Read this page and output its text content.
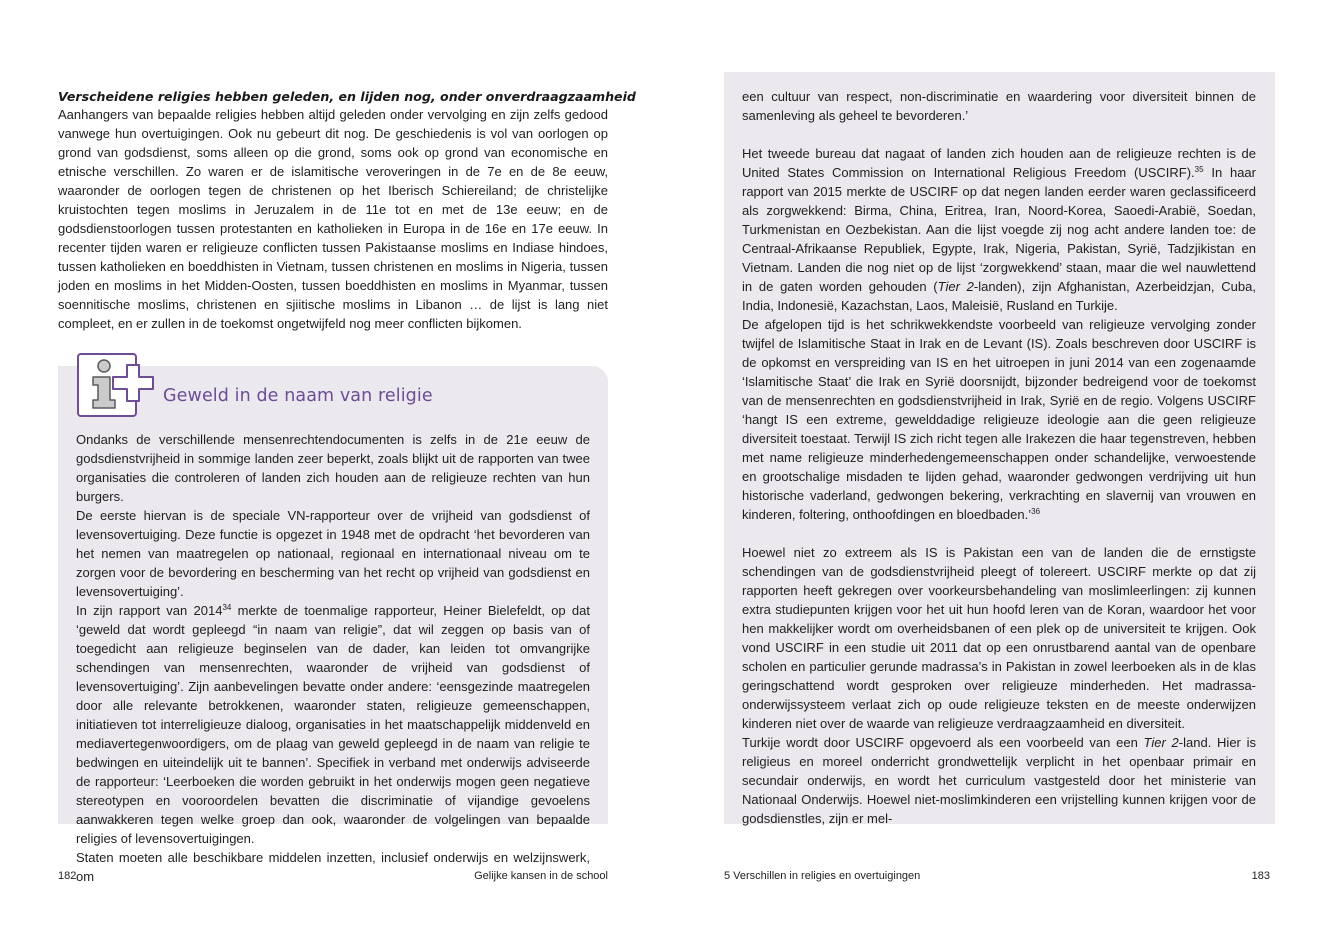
Verscheidene religies hebben geleden, en lijden nog, onder onverdraagzaamheid

Aanhangers van bepaalde religies hebben altijd geleden onder vervolging en zijn zelfs gedood vanwege hun overtuigingen. Ook nu gebeurt dit nog. De geschiedenis is vol van oorlogen op grond van godsdienst, soms alleen op die grond, soms ook op grond van economische en etnische verschillen. Zo waren er de islamitische veroveringen in de 7e en de 8e eeuw, waaronder de oorlogen tegen de christenen op het Iberisch Schiereiland; de christelijke kruistochten tegen moslims in Jeruzalem in de 11e tot en met de 13e eeuw; en de godsdienstoorlogen tussen protestanten en katholieken in Europa in de 16e en 17e eeuw. In recenter tijden waren er religieuze conflicten tussen Pakistaanse moslims en Indiase hindoes, tussen katholieken en boeddhisten in Vietnam, tussen christenen en moslims in Nigeria, tussen joden en moslims in het Midden-Oosten, tussen boeddhisten en moslims in Myanmar, tussen soennitische moslims, christenen en sjiitische moslims in Libanon … de lijst is lang niet compleet, en er zullen in de toekomst ongetwijfeld nog meer conflicten bijkomen.

Geweld in de naam van religie

Ondanks de verschillende mensenrechtendocumenten is zelfs in de 21e eeuw de godsdienstvrijheid in sommige landen zeer beperkt, zoals blijkt uit de rapporten van twee organisaties die controleren of landen zich houden aan de religieuze rechten van hun burgers.

De eerste hiervan is de speciale VN-rapporteur over de vrijheid van godsdienst of levensovertuiging. Deze functie is opgezet in 1948 met de opdracht ‘het bevorderen van het nemen van maatregelen op nationaal, regionaal en internationaal niveau om te zorgen voor de bevordering en bescherming van het recht op vrijheid van godsdienst en levensovertuiging’.

In zijn rapport van 2014$^{34}$ merkte de toenmalige rapporteur, Heiner Bielefeldt, op dat ‘geweld dat wordt gepleegd “in naam van religie”, dat wil zeggen op basis van of toegedicht aan religieuze beginselen van de dader, kan leiden tot omvangrijke schendingen van mensenrechten, waaronder de vrijheid van godsdienst of levensovertuiging’. Zijn aanbevelingen bevatte onder andere: ‘eensgezinde maatregelen door alle relevante betrokkenen, waaronder staten, religieuze gemeenschappen, initiatieven tot interreligieuze dialoog, organisaties in het maatschappelijk middenveld en mediavertegenwoordigers, om de plaag van geweld gepleegd in de naam van religie te bedwingen en uiteindelijk uit te bannen’. Specifiek in verband met onderwijs adviseerde de rapporteur: ‘Leerboeken die worden gebruikt in het onderwijs mogen geen negatieve stereotypen en vooroordelen bevatten die discriminatie of vijandige gevoelens aanwakkeren tegen welke groep dan ook, waaronder de volgelingen van bepaalde religies of levensovertuigingen.

Staten moeten alle beschikbare middelen inzetten, inclusief onderwijs en welzijnswerk, om

182	Gelijke kansen in de school

een cultuur van respect, non-discriminatie en waardering voor diversiteit binnen de samenleving als geheel te bevorderen.’

Het tweede bureau dat nagaat of landen zich houden aan de religieuze rechten is de United States Commission on International Religious Freedom (USCIRF).$^{35}$ In haar rapport van 2015 merkte de USCIRF op dat negen landen eerder waren geclassificeerd als zorgwekkend: Birma, China, Eritrea, Iran, Noord-Korea, Saoedi-Arabië, Soedan, Turkmenistan en Oezbekistan. Aan die lijst voegde zij nog acht andere landen toe: de Centraal-Afrikaanse Republiek, Egypte, Irak, Nigeria, Pakistan, Syrië, Tadzjikistan en Vietnam. Landen die nog niet op de lijst ‘zorgwekkend’ staan, maar die wel nauwlettend in de gaten worden gehouden (Tier 2-landen), zijn Afghanistan, Azerbeidzjan, Cuba, India, Indonesië, Kazachstan, Laos, Maleisië, Rusland en Turkije.

De afgelopen tijd is het schrikwekkendste voorbeeld van religieuze vervolging zonder twijfel de Islamitische Staat in Irak en de Levant (IS). Zoals beschreven door USCIRF is de opkomst en verspreiding van IS en het uitroepen in juni 2014 van een zogenaamde ‘Islamitische Staat’ die Irak en Syrië doorsnijdt, bijzonder bedreigend voor de toekomst van de mensenrechten en godsdienstvrijheid in Irak, Syrië en de regio. Volgens USCIRF ‘hangt IS een extreme, gewelddadige religieuze ideologie aan die geen religieuze diversiteit toestaat. Terwijl IS zich richt tegen alle Irakezen die haar tegenstreven, hebben met name religieuze minderhedengemeenschappen onder schandelijke, verwoestende en grootschalige misdaden te lijden gehad, waaronder gedwongen verdrijving uit hun historische vaderland, gedwongen bekering, verkrachting en slavernij van vrouwen en kinderen, foltering, onthoofdingen en bloedbaden.’$^{36}$

Hoewel niet zo extreem als IS is Pakistan een van de landen die de ernstigste schendingen van de godsdienstvrijheid pleegt of tolereert. USCIRF merkte op dat zij rapporten heeft gekregen over voorkeursbehandeling van moslimleerlingen: zij kunnen extra studiepunten krijgen voor het uit hun hoofd leren van de Koran, waardoor het voor hen makkelijker wordt om overheidsbanen of een plek op de universiteit te krijgen. Ook vond USCIRF in een studie uit 2011 dat op een onrustbarend aantal van de openbare scholen en particulier gerunde madrassa’s in Pakistan in zowel leerboeken als in de klas geringschattend wordt gesproken over religieuze minderheden. Het madrassa-onderwijssysteem verlaat zich op oude religieuze teksten en de meeste onderwijzen kinderen niet over de waarde van religieuze verdraagzaamheid en diversiteit.

Turkije wordt door USCIRF opgevoerd als een voorbeeld van een Tier 2-land. Hier is religieus en moreel onderricht grondwettelijk verplicht in het openbaar primair en secundair onderwijs, en wordt het curriculum vastgesteld door het ministerie van Nationaal Onderwijs. Hoewel niet-moslimkinderen een vrijstelling kunnen krijgen voor de godsdienstles, zijn er mel-

5 Verschillen in religies en overtuigingen	183
